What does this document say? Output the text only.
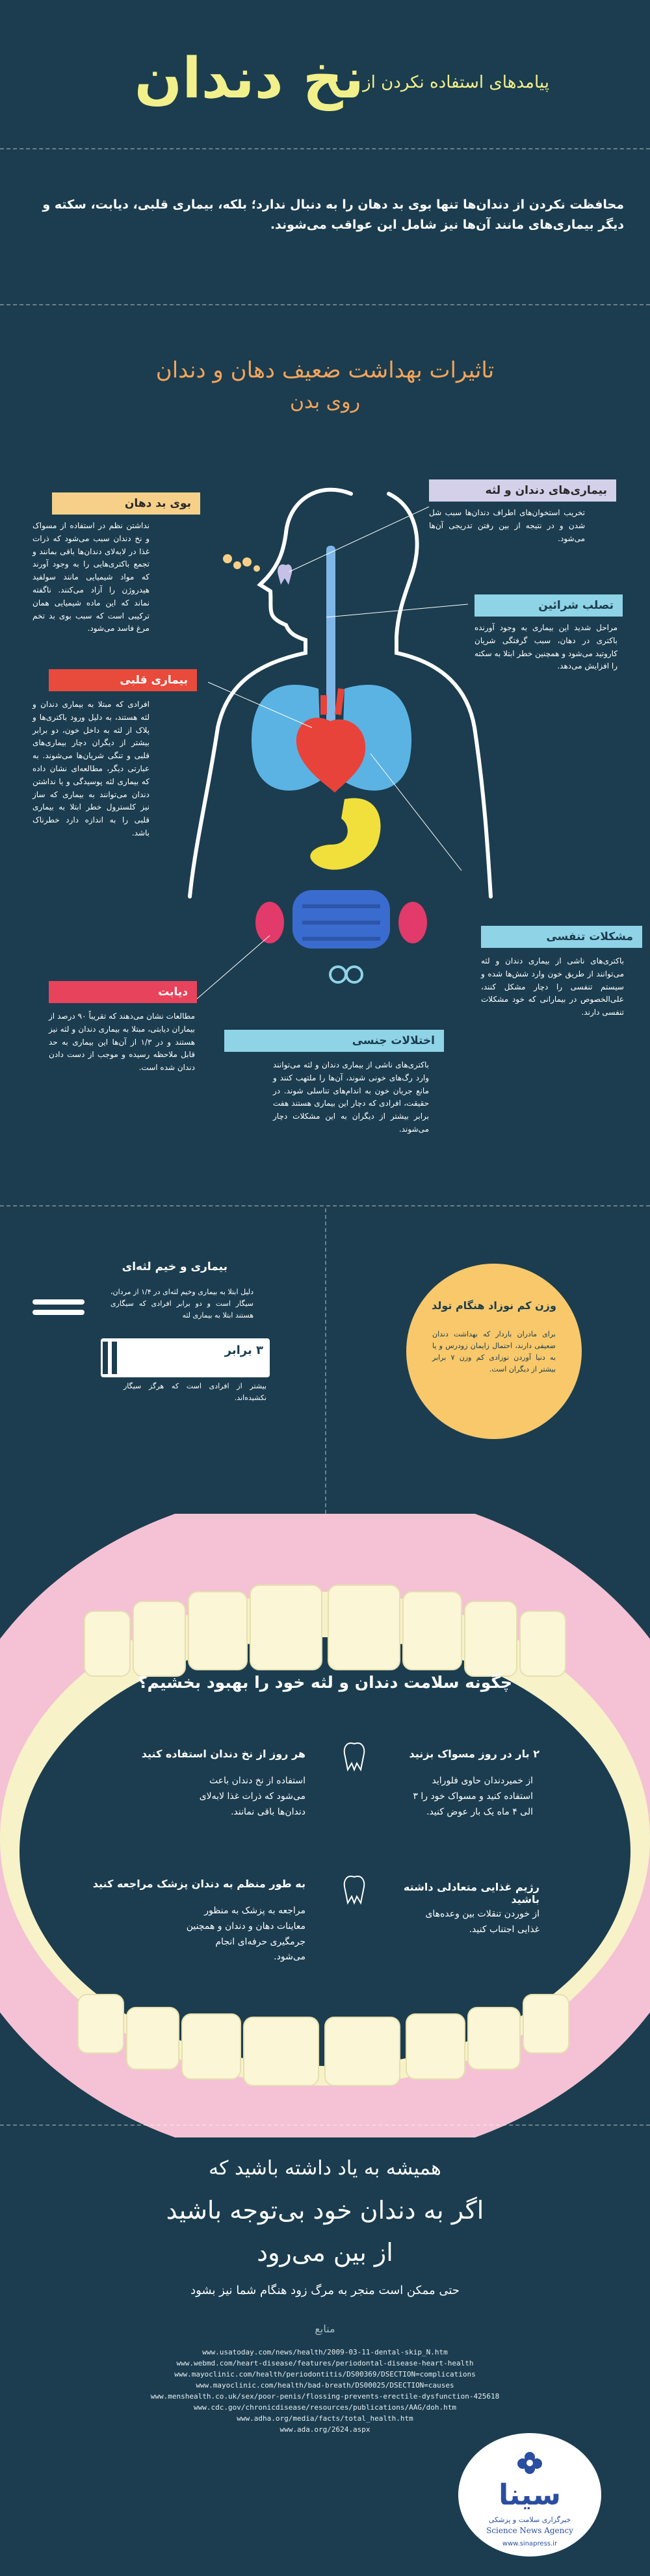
پیامدهای استفاده نکردن از
نخ دندان
محافظت نکردن از دندان‌ها تنها بوی بد دهان را به دنبال ندارد؛ بلکه، بیماری قلبی، دیابت، سکته و دیگر بیماری‌های مانند آن‌ها نیز شامل این عواقب می‌شوند.
تاثیرات بهداشت ضعیف دهان و دندان
روی بدن
بوی بد دهان
نداشتن نظم در استفاده از مسواک و نخ دندان سبب می‌شود که ذرات غذا در لابه‌لای دندان‌ها باقی بمانند و تجمع باکتری‌هایی را به وجود آورند که مواد شیمیایی مانند سولفید هیدروژن را آزاد می‌کنند. ناگفته نماند که این ماده شیمیایی همان ترکیبی است که سبب بوی بد تخم مرغ فاسد می‌شود.
بیماری‌های دندان و لثه
تخریب استخوان‌های اطراف دندان‌ها سبب شل شدن و در نتیجه از بین رفتن تدریجی آن‌ها می‌شود.
تصلب شرائین
مراحل شدید این بیماری به وجود آورنده باکتری در دهان، سبب گرفتگی شریان کاروتید می‌شود و همچنین خطر ابتلا به سکته را افزایش می‌دهد.
بیماری قلبی
افرادی که مبتلا به بیماری دندان و لثه هستند، به دلیل ورود باکتری‌ها و پلاک از لثه به داخل خون، دو برابر بیشتر از دیگران دچار بیماری‌های قلبی و تنگی شریان‌ها می‌شوند. به عبارتی دیگر، مطالعه‌ای نشان داده که بیماری لثه پوسیدگی و یا نداشتن دندان می‌توانند به بیماری که ساز نیز کلسترول خطر ابتلا به بیماری قلبی را به اندازه دارد خطرناک باشد.
مشکلات تنفسی
باکتری‌های ناشی از بیماری دندان و لثه می‌توانند از طریق خون وارد شش‌ها شده و سیستم تنفسی را دچار مشکل کنند، علی‌الخصوص در بیمارانی که خود مشکلات تنفسی دارند.
دیابت
مطالعات نشان می‌دهند که تقریباً ۹۰ درصد از بیماران دیابتی، مبتلا به بیماری دندان و لثه نیز هستند و در ۱/۳ از آن‌ها این بیماری به حد قابل ملاحظه رسیده و موجب از دست دادن دندان شده است.
اختلالات جنسی
باکتری‌های ناشی از بیماری دندان و لثه می‌توانند وارد رگ‌های خونی شوند، آن‌ها را ملتهب کنند و مانع جریان خون به اندام‌های تناسلی شوند. در حقیقت، افرادی که دچار این بیماری هستند هفت برابر بیشتر از دیگران به این مشکلات دچار می‌شوند.
بیماری و خیم لثه‌ای
دلیل ابتلا به بیماری وخیم لثه‌ای در ۱/۴ از مردان، سیگار است و دو برابر افرادی که سیگاری هستند ابتلا به بیماری لثه
۳ برابر
بیشتر از افرادی است که هرگز سیگار نکشیده‌اند.
وزن کم نوزاد هنگام تولد
برای مادران باردار که بهداشت دندان ضعیفی دارند، احتمال زایمان زودرس و یا به دنیا آوردن نوزادی کم وزن ۷ برابر بیشتر از دیگران است.
چگونه سلامت دندان و لثه خود را بهبود بخشیم؟
۲ بار در روز مسواک بزنید
از خمیردندان حاوی فلوراید استفاده کنید و مسواک خود را ۳ الی ۴ ماه یک بار عوض کنید.
هر روز از نخ دندان استفاده کنید
استفاده از نخ دندان باعث می‌شود که ذرات غذا لابه‌لای دندان‌ها باقی نمانند.
رژیم غذایی متعادلی داشته باشید
از خوردن تنقلات بین وعده‌های غذایی اجتناب کنید.
به طور منظم به دندان پزشک مراجعه کنید
مراجعه به پزشک به منظور معاینات دهان و دندان و همچنین جرمگیری حرفه‌ای انجام می‌شود.
همیشه به یاد داشته باشید که
اگر به دندان خود بی‌توجه باشید
از بین می‌رود
حتی ممکن است منجر به مرگ زود هنگام شما نیز بشود
منابع
www.usatoday.com/news/health/2009-03-11-dental-skip_N.htm
www.webmd.com/heart-disease/features/periodontal-disease-heart-health
www.mayoclinic.com/health/periodontitis/DS00369/DSECTION=complications
www.mayoclinic.com/health/bad-breath/DS00025/DSECTION=causes
www.menshealth.co.uk/sex/poor-penis/flossing-prevents-erectile-dysfunction-425618
www.cdc.gov/chronicdisease/resources/publications/AAG/doh.htm
www.adha.org/media/facts/total_health.htm
www.ada.org/2624.aspx
سینا
خبرگزاری سلامت و پزشکی
Science News Agency
www.sinapress.ir
